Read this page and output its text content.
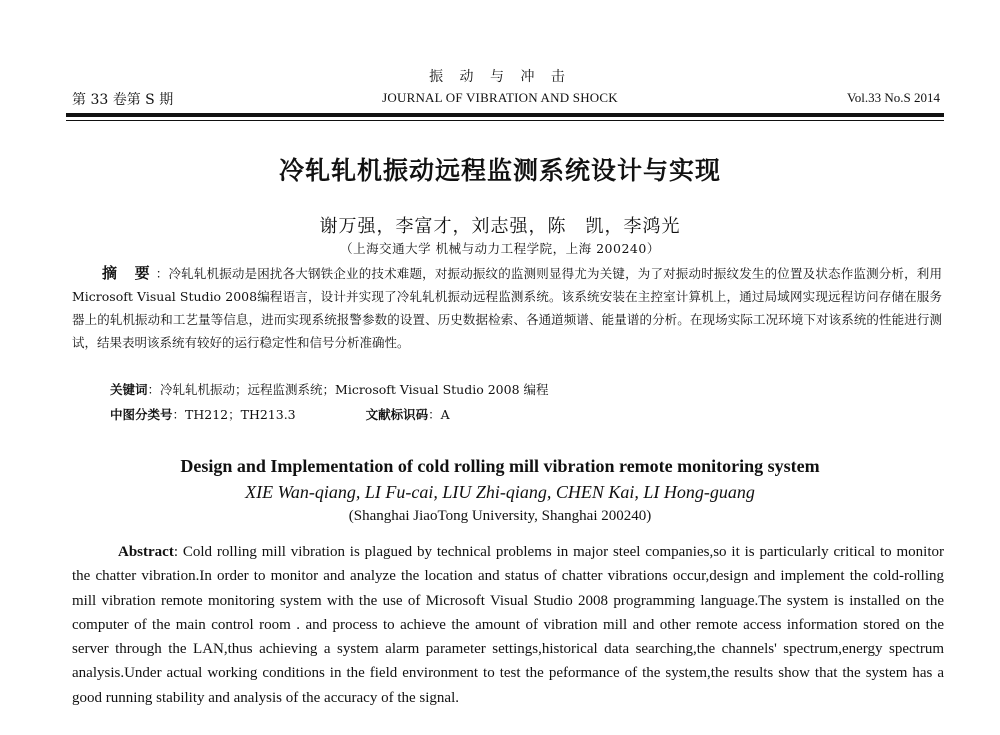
振 动 与 冲 击
第 33 卷第 S 期	JOURNAL OF VIBRATION AND SHOCK	Vol.33 No.S 2014
冷轧轧机振动远程监测系统设计与实现
谢万强，李富才，刘志强，陈　凯，李鸿光
（上海交通大学 机械与动力工程学院，上海 200240）
摘 要：冷轧轧机振动是困扰各大钢铁企业的技术难题，对振动振纹的监测则显得尤为关键，为了对振动时振纹发生的位置及状态作监测分析，利用Microsoft Visual Studio 2008编程语言，设计并实现了冷轧轧机振动远程监测系统。该系统安装在主控室计算机上，通过局域网实现远程访问存储在服务器上的轧机振动和工艺量等信息，进而实现系统报警参数的设置、历史数据检索、各通道频谱、能量谱的分析。在现场实际工况环境下对该系统的性能进行测试，结果表明该系统有较好的运行稳定性和信号分析准确性。
关键词：冷轧轧机振动；远程监测系统；Microsoft Visual Studio 2008 编程
中图分类号：TH212；TH213.3	文献标识码：A
Design and Implementation of cold rolling mill vibration remote monitoring system
XIE Wan-qiang, LI Fu-cai, LIU Zhi-qiang, CHEN Kai, LI Hong-guang
(Shanghai JiaoTong University, Shanghai 200240)
Abstract: Cold rolling mill vibration is plagued by technical problems in major steel companies,so it is particularly critical to monitor the chatter vibration.In order to monitor and analyze the location and status of chatter vibrations occur,design and implement the cold-rolling mill vibration remote monitoring system with the use of Microsoft Visual Studio 2008 programming language.The system is installed on the computer of the main control room . and process to achieve the amount of vibration mill and other remote access information stored on the server through the LAN,thus achieving a system alarm parameter settings,historical data searching,the channels' spectrum,energy spectrum analysis.Under actual working conditions in the field environment to test the peformance of the system,the results show that the system has a good running stability and analysis of the accuracy of the signal.
